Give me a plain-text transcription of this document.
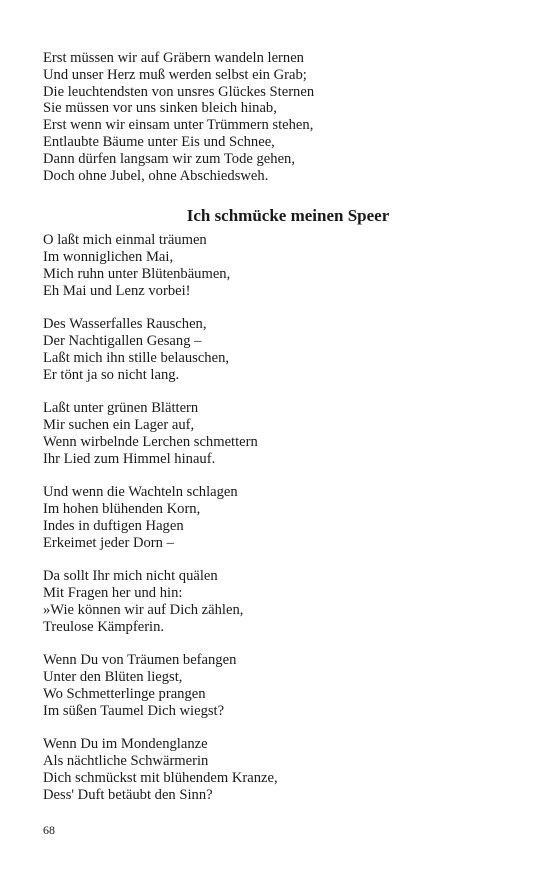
Erst müssen wir auf Gräbern wandeln lernen
Und unser Herz muß werden selbst ein Grab;
Die leuchtendsten von unsres Glückes Sternen
Sie müssen vor uns sinken bleich hinab,
Erst wenn wir einsam unter Trümmern stehen,
Entlaubte Bäume unter Eis und Schnee,
Dann dürfen langsam wir zum Tode gehen,
Doch ohne Jubel, ohne Abschiedsweh.
Ich schmücke meinen Speer
O laßt mich einmal träumen
Im wonniglichen Mai,
Mich ruhn unter Blütenbäumen,
Eh Mai und Lenz vorbei!
Des Wasserfalles Rauschen,
Der Nachtigallen Gesang –
Laßt mich ihn stille belauschen,
Er tönt ja so nicht lang.
Laßt unter grünen Blättern
Mir suchen ein Lager auf,
Wenn wirbelnde Lerchen schmettern
Ihr Lied zum Himmel hinauf.
Und wenn die Wachteln schlagen
Im hohen blühenden Korn,
Indes in duftigen Hagen
Erkeimet jeder Dorn –
Da sollt Ihr mich nicht quälen
Mit Fragen her und hin:
»Wie können wir auf Dich zählen,
Treulose Kämpferin.
Wenn Du von Träumen befangen
Unter den Blüten liegst,
Wo Schmetterlinge prangen
Im süßen Taumel Dich wiegst?
Wenn Du im Mondenglanze
Als nächtliche Schwärmerin
Dich schmückst mit blühendem Kranze,
Dess' Duft betäubt den Sinn?
68
